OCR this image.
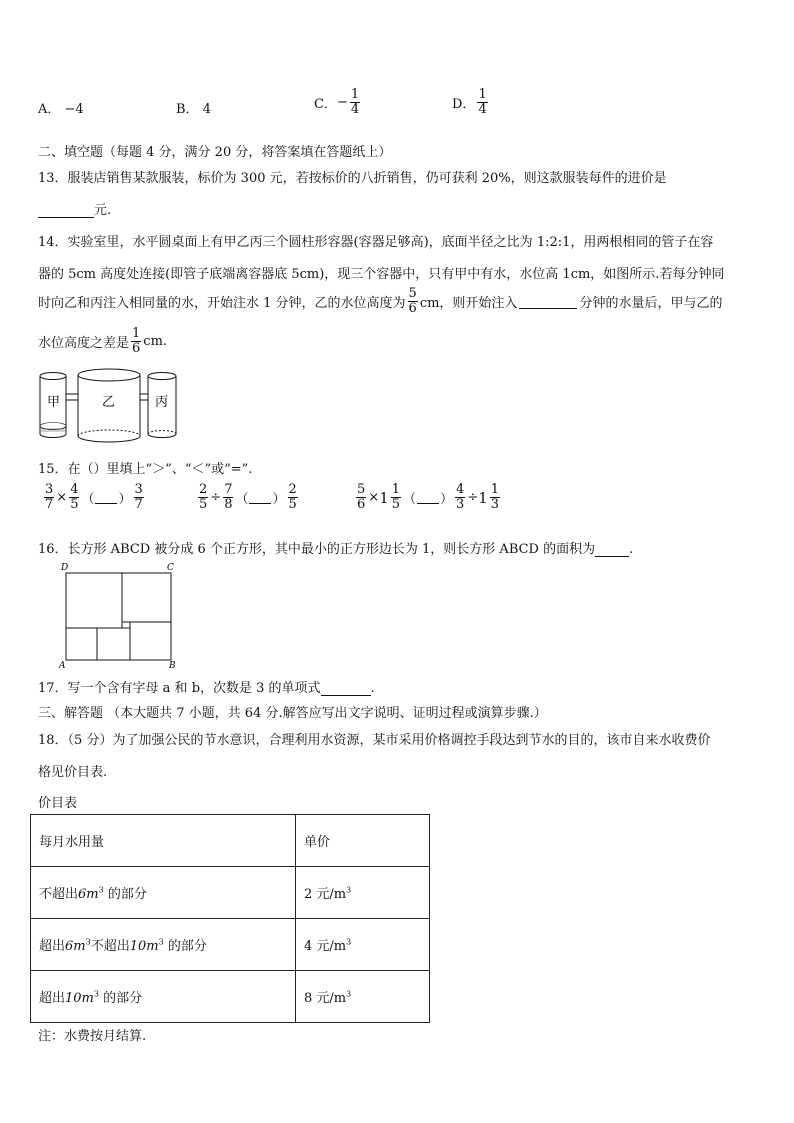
A． −4	B． 4	C． − $\frac{1}{4}$	D． $\frac{1}{4}$
二、填空题（每题 4 分，满分 20 分，将答案填在答题纸上）
13．服装店销售某款服装，标价为 300 元，若按标价的八折销售，仍可获利 20%，则这款服装每件的进价是
元.
14．实验室里，水平圆桌面上有甲乙丙三个圆柱形容器(容器足够高)，底面半径之比为 1:2:1，用两根相同的管子在容
器的 5cm 高度处连接(即管子底端离容器底 5cm)，现三个容器中，只有甲中有水，水位高 1cm，如图所示.若每分钟同
时向乙和丙注入相同量的水，开始注水 1 分钟，乙的水位高度为 $\frac{5}{6}$ cm，则开始注入	分钟的水量后，甲与乙的
水位高度之差是 $\frac{1}{6}$ cm.
甲	乙	丙
15．在（）里填上“＞”、“＜”或“=”.
$\frac{3}{7} \times \frac{4}{5}$ （ ） $\frac{3}{7}$	$\frac{2}{5} \div \frac{7}{8}$ （ ） $\frac{2}{5}$	$\frac{5}{6} \times 1 \frac{1}{5}$ （ ） $\frac{4}{3} \div 1 \frac{1}{3}$
16．长方形 ABCD 被分成 6 个正方形，其中最小的正方形边长为 1，则长方形 ABCD 的面积为	.
D	C
A	B
17．写一个含有字母 a 和 b，次数是 3 的单项式	.
三、解答题 （本大题共 7 小题，共 64 分.解答应写出文字说明、证明过程或演算步骤.）
18．（5 分）为了加强公民的节水意识，合理利用水资源，某市采用价格调控手段达到节水的目的，该市自来水收费价
格见价目表.
价目表
每月水用量	单价
不超出$6m^3$ 的部分	2 元$/m^3$
超出$6m^3$不超出$10m^3$ 的部分	4 元$/m^3$
超出$10m^3$ 的部分	8 元$/m^3$
注：水费按月结算.
